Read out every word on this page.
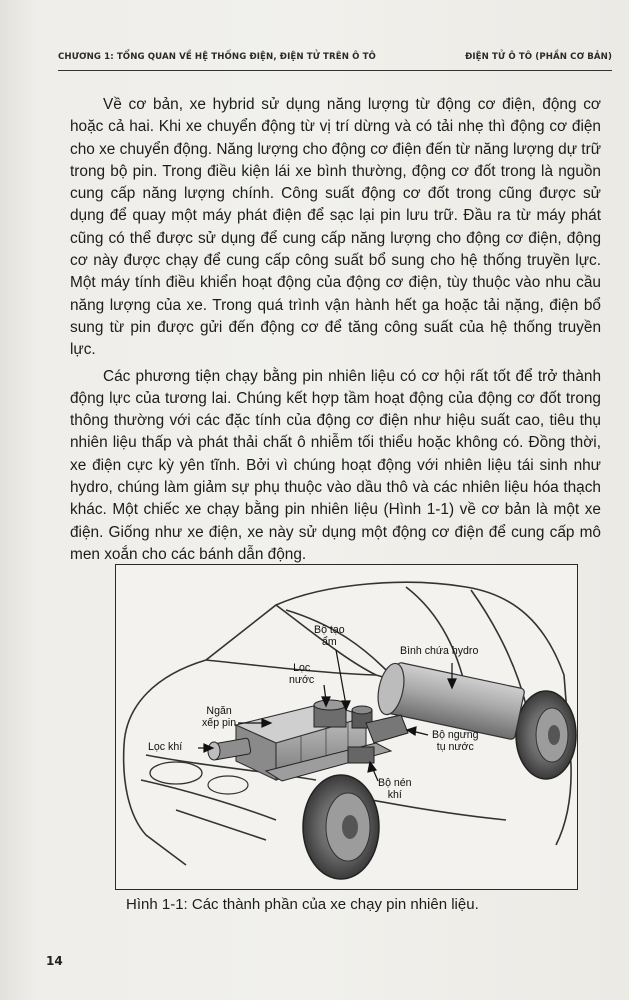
CHƯƠNG 1: TỔNG QUAN VỀ HỆ THỐNG ĐIỆN, ĐIỆN TỬ TRÊN Ô TÔ	ĐIỆN TỬ Ô TÔ (PHẦN CƠ BẢN)

Về cơ bản, xe hybrid sử dụng năng lượng từ động cơ điện, động cơ hoặc cả hai. Khi xe chuyển động từ vị trí dừng và có tải nhẹ thì động cơ điện cho xe chuyển động. Năng lượng cho động cơ điện đến từ năng lượng dự trữ trong bộ pin. Trong điều kiện lái xe bình thường, động cơ đốt trong là nguồn cung cấp năng lượng chính. Công suất động cơ đốt trong cũng được sử dụng để quay một máy phát điện để sạc lại pin lưu trữ. Đầu ra từ máy phát cũng có thể được sử dụng để cung cấp năng lượng cho động cơ điện, động cơ này được chạy để cung cấp công suất bổ sung cho hệ thống truyền lực. Một máy tính điều khiển hoạt động của động cơ điện, tùy thuộc vào nhu cầu năng lượng của xe. Trong quá trình vận hành hết ga hoặc tải nặng, điện bổ sung từ pin được gửi đến động cơ để tăng công suất của hệ thống truyền lực.

Các phương tiện chạy bằng pin nhiên liệu có cơ hội rất tốt để trở thành động lực của tương lai. Chúng kết hợp tầm hoạt động của động cơ đốt trong thông thường với các đặc tính của động cơ điện như hiệu suất cao, tiêu thụ nhiên liệu thấp và phát thải chất ô nhiễm tối thiểu hoặc không có. Đồng thời, xe điện cực kỳ yên tĩnh. Bởi vì chúng hoạt động với nhiên liệu tái sinh như hydro, chúng làm giảm sự phụ thuộc vào dầu thô và các nhiên liệu hóa thạch khác. Một chiếc xe chạy bằng pin nhiên liệu (Hình 1-1) về cơ bản là một xe điện. Giống như xe điện, xe này sử dụng một động cơ điện để cung cấp mô men xoắn cho các bánh dẫn động.

Bộ tạo
ẩm
Bình chứa hydro
Lọc
nước
Ngăn
xếp pin
Lọc khí
Bộ ngưng
tụ nước
Bộ nén
khí
Hình 1-1: Các thành phần của xe chạy pin nhiên liệu.
14
